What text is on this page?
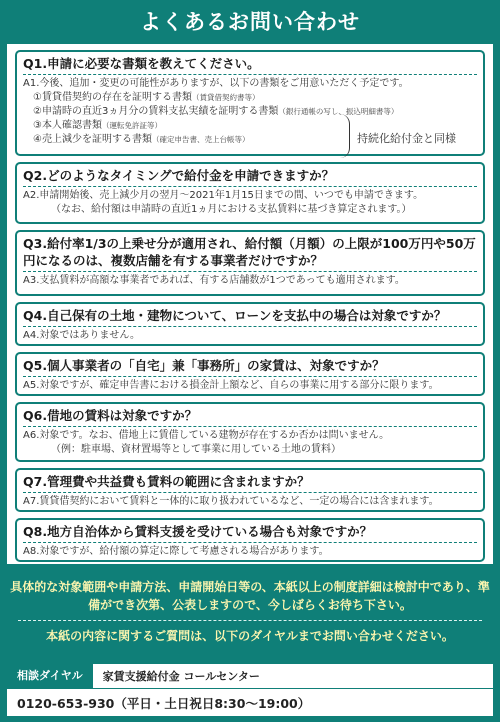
よくあるお問い合わせ
Q1.申請に必要な書類を教えてください。
A1.今後、追加・変更の可能性がありますが、以下の書類をご用意いただく予定です。
①賃貸借契約の存在を証明する書類（賃貸借契約書等）
②申請時の直近3ヵ月分の賃料支払実績を証明する書類（銀行通帳の写し、振込明細書等）
③本人確認書類（運転免許証等）
④売上減少を証明する書類（確定申告書、売上台帳等）	持続化給付金と同様
Q2.どのようなタイミングで給付金を申請できますか？
A2.申請開始後、売上減少月の翌月～2021年1月15日までの間、いつでも申請できます。
（なお、給付額は申請時の直近1ヵ月における支払賃料に基づき算定されます。）
Q3.給付率1/3の上乗せ分が適用され、給付額（月額）の上限が100万円や50万円になるのは、複数店舗を有する事業者だけですか？
A3.支払賃料が高額な事業者であれば、有する店舗数が1つであっても適用されます。
Q4.自己保有の土地・建物について、ローンを支払中の場合は対象ですか？
A4.対象ではありません。
Q5.個人事業者の「自宅」兼「事務所」の家賃は、対象ですか？
A5.対象ですが、確定申告書における損金計上額など、自らの事業に用する部分に限ります。
Q6.借地の賃料は対象ですか？
A6.対象です。なお、借地上に賃借している建物が存在するか否かは問いません。
（例：駐車場、資材置場等として事業に用している土地の賃料）
Q7.管理費や共益費も賃料の範囲に含まれますか？
A7.賃貸借契約において賃料と一体的に取り扱われているなど、一定の場合には含まれます。
Q8.地方自治体から賃料支援を受けている場合も対象ですか？
A8.対象ですが、給付額の算定に際して考慮される場合があります。
具体的な対象範囲や申請方法、申請開始日等の、本紙以上の制度詳細は検討中であり、準備ができ次第、公表しますので、今しばらくお待ち下さい。
本紙の内容に関するご質問は、以下のダイヤルまでお問い合わせください。
相談ダイヤル	家賃支援給付金 コールセンター
0120-653-930（平日・土日祝日8:30～19:00）
